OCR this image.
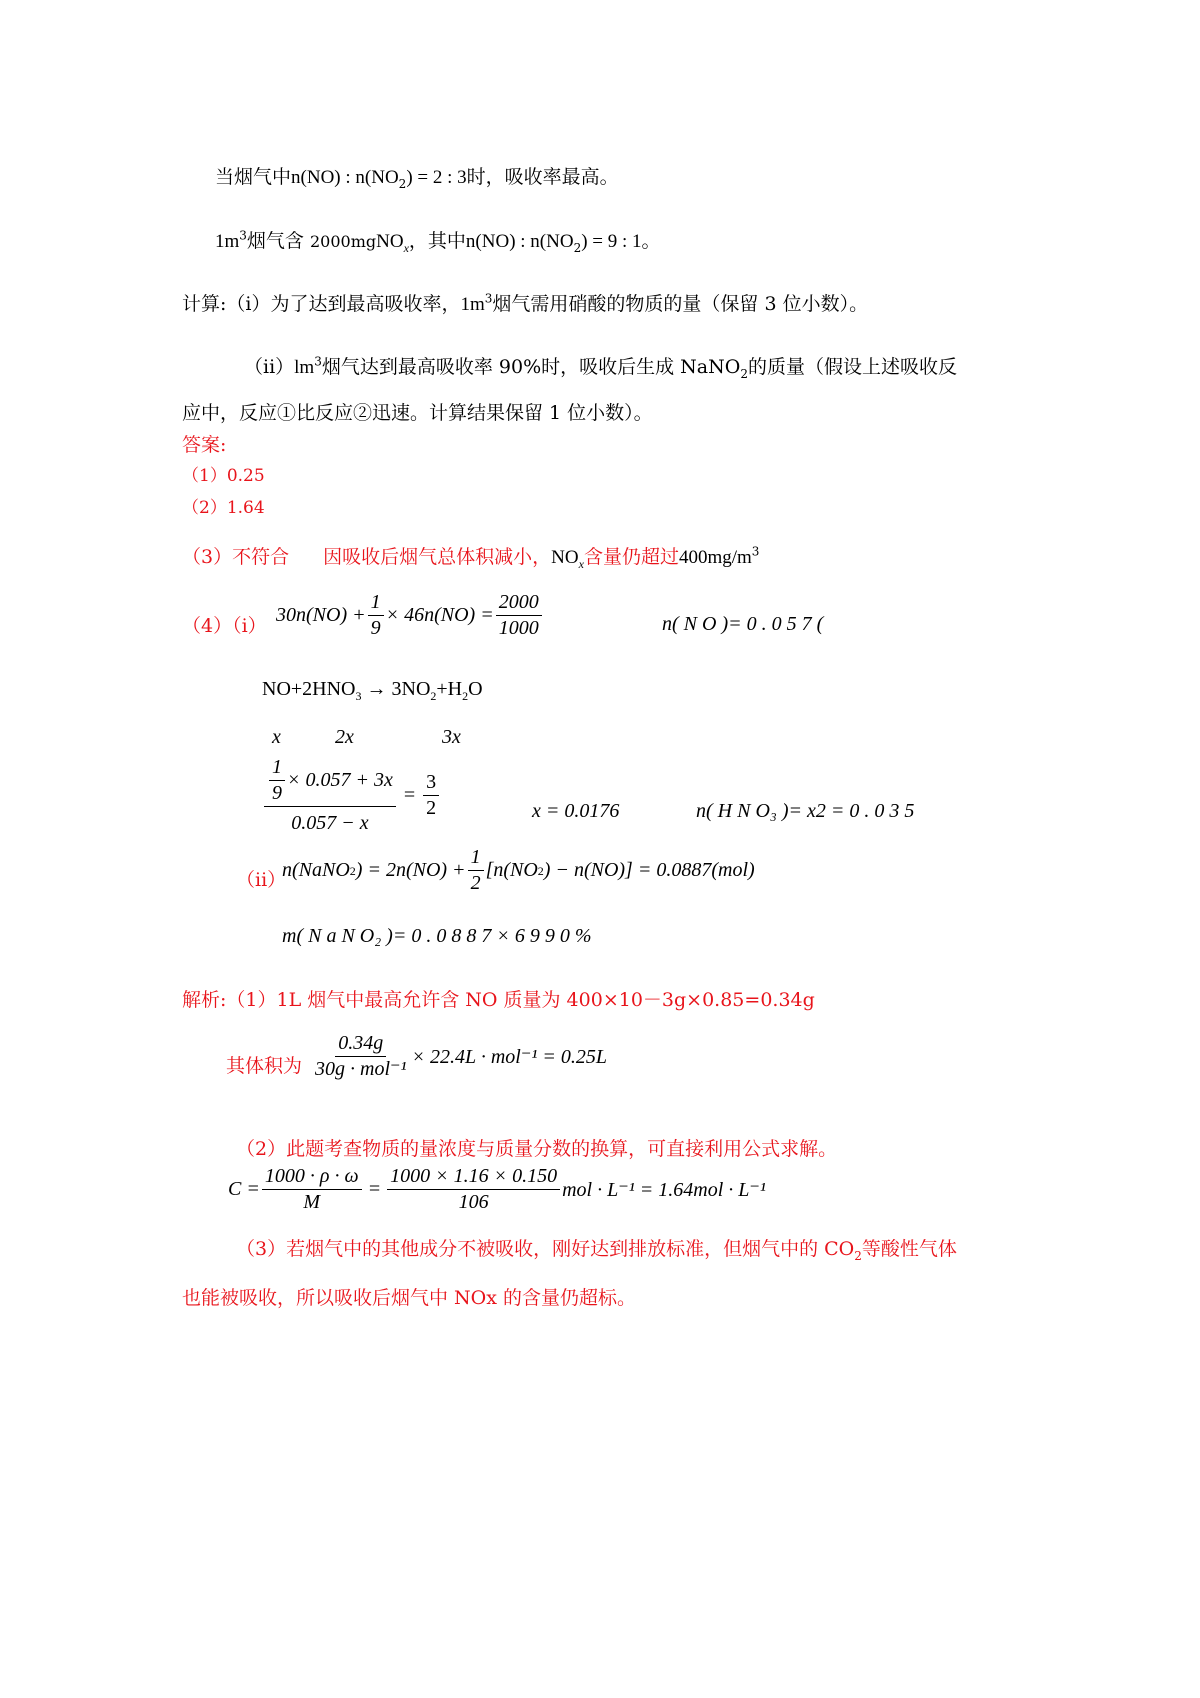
当烟气中n(NO) : $n(NO_2) = 2$ : 3时，吸收率最高。
$1m^3$烟气含 2000mgNO$_x$，其中n(NO) : $n(NO_2) = 9$ : 1。
计算:（i）为了达到最高吸收率，$1m^3$烟气需用硝酸的物质的量（保留 3 位小数）。
$(ii)lm^3$烟气达到最高吸收率 90%时，吸收后生成 NaNO$_2$的质量（假设上述吸收反
应中，反应①比反应②迅速。计算结果保留 1 位小数）。
答案:
（1）0.25
（2）1.64
（3）不符合 因吸收后烟气总体积减小，$NO_x$含量仍超过$400mg/m^3$
（4）（i） $30n(NO) + \frac{1}{9} \times 46n(NO) = \frac{2000}{1000}$	n( N O )= 0 . 0 5 7 (
$NO+2HNO_3 \to 3NO_2+H_2O$
x	2x	3x
$\frac{\frac{1}{9} \times 0.057 + 3x}{0.057 - x} = \frac{3}{2}$	x = 0.0176	n( H N O₃ )= x2 = 0 . 0 3 5
（ii）
n(NaNO 2 ) = $2n(NO) + \frac{1}{2} [n(NO$ 2 ) − n(NO)] = 0.0887(mol)
m( N a N O₂ )= 0 . 0 8 8 7 × 6 9 9 0 %
解析:（1）1L 烟气中最高允许含 NO 质量为 400×10－3g×0.85=0.34g
其体积为 $\frac{0.34g}{\text{30g · mol⁻¹}} \times 22.4L \cdot mol^{-1} = 0.25L$
（2）此题考查物质的量浓度与质量分数的换算，可直接利用公式求解。
$C = \frac{1000 \cdot \rho \cdot \omega}{M} = \frac{1000 \times 1.16 \times 0.150}{106}$ mol · L⁻¹ = 1.64mol · L⁻¹
（3）若烟气中的其他成分不被吸收，刚好达到排放标准，但烟气中的 $CO_2$等酸性气体
也能被吸收，所以吸收后烟气中 NOx 的含量仍超标。
